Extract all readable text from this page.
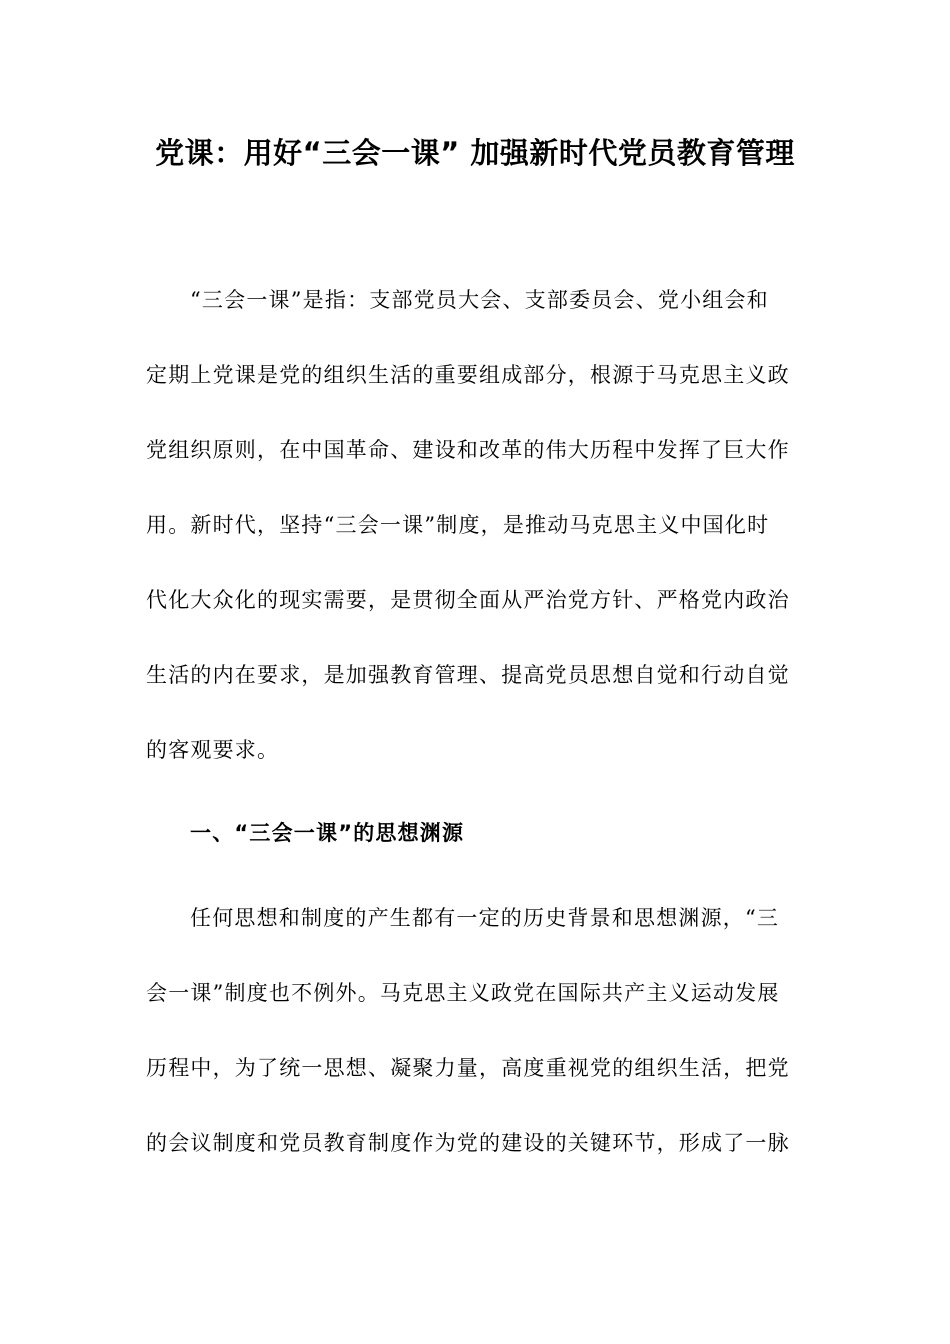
党课：用好“三会一课” 加强新时代党员教育管理
“三会一课”是指：支部党员大会、支部委员会、党小组会和
定期上党课是党的组织生活的重要组成部分，根源于马克思主义政
党组织原则，在中国革命、建设和改革的伟大历程中发挥了巨大作
用。新时代，坚持“三会一课”制度，是推动马克思主义中国化时
代化大众化的现实需要，是贯彻全面从严治党方针、严格党内政治
生活的内在要求，是加强教育管理、提高党员思想自觉和行动自觉
的客观要求。
一、“三会一课”的思想渊源
任何思想和制度的产生都有一定的历史背景和思想渊源，“三
会一课”制度也不例外。马克思主义政党在国际共产主义运动发展
历程中，为了统一思想、凝聚力量，高度重视党的组织生活，把党
的会议制度和党员教育制度作为党的建设的关键环节，形成了一脉
